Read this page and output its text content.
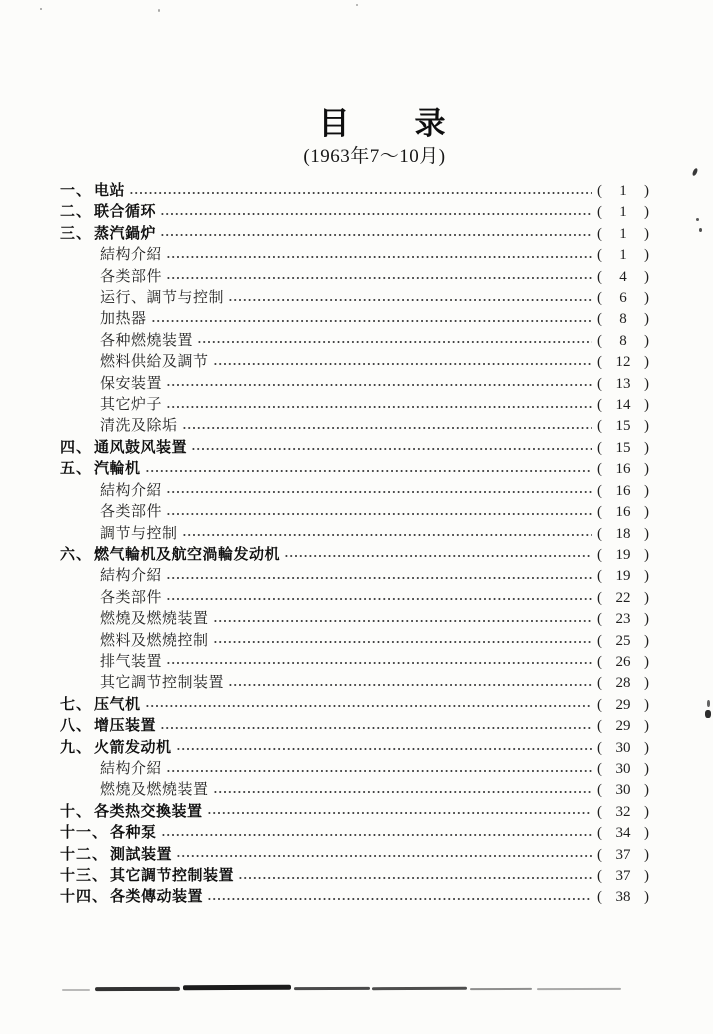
目　　录
(1963年7～10月)
一、 电站	(	1	)
二、 联合循环	(	1	)
三、 蒸汽鍋炉	(	1	)
結构介紹	(	1	)
各类部件	(	4	)
运行、調节与控制	(	6	)
加热器	(	8	)
各种燃燒装置	(	8	)
燃料供給及調节	( 12 )
保安装置	( 13 )
其它炉子	( 14 )
清洗及除垢	( 15 )
四、 通风鼓风装置	( 15 )
五、 汽輪机	( 16 )
結构介紹	( 16 )
各类部件	( 16 )
調节与控制	( 18 )
六、 燃气輪机及航空渦輪发动机	( 19 )
結构介紹	( 19 )
各类部件	( 22 )
燃燒及燃燒装置	( 23 )
燃料及燃燒控制	( 25 )
排气装置	( 26 )
其它調节控制装置	( 28 )
七、 压气机	( 29 )
八、 增压装置	( 29 )
九、 火箭发动机	( 30 )
結构介紹	( 30 )
燃燒及燃燒装置	( 30 )
十、 各类热交換装置	( 32 )
十一、 各种泵	( 34 )
十二、 測試装置	( 37 )
十三、 其它調节控制装置	( 37 )
十四、 各类傳动装置	( 38 )
